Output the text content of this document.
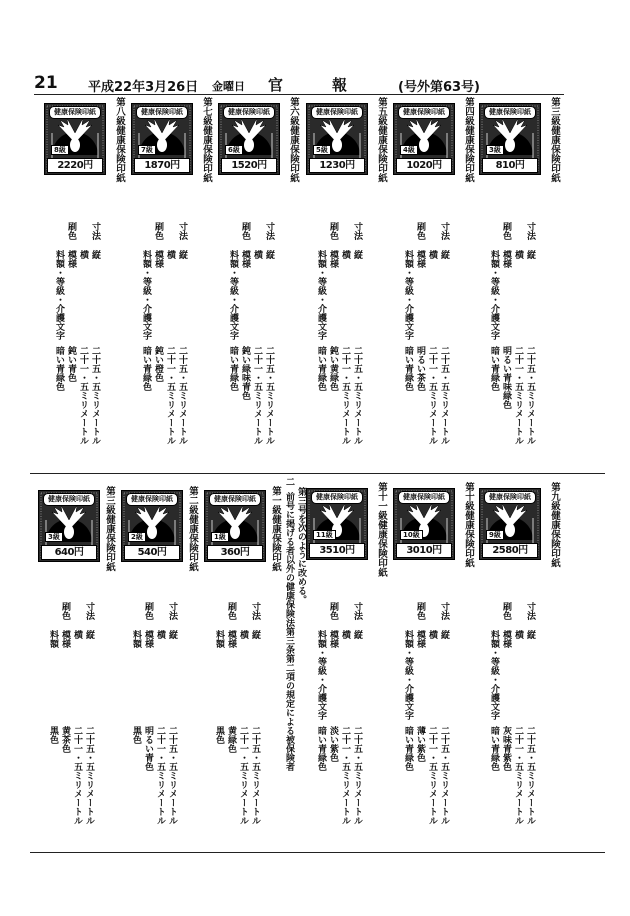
21 平成22年3月26日 金曜日 官	報	(号外第63号)
第三号を次のように改める。
二
前号に掲げる者以外の健康保険法第三条第二項の規定による被保険者
健康保険印紙
8級
2220円	第八級健康保険印紙
寸法
縦
二十五・五ミリメートル
横
二十一・五ミリメートル
刷色
模様
鈍い青色
料額・等級・介護文字
暗い青緑色
健康保険印紙
7級
1870円	第七級健康保険印紙
寸法
縦
二十五・五ミリメートル
横
二十一・五ミリメートル
刷色
模様
鈍い橙色
料額・等級・介護文字
暗い青緑色
健康保険印紙
6級
1520円	第六級健康保険印紙
寸法
縦
二十五・五ミリメートル
横
二十一・五ミリメートル
刷色
模様
鈍い緑味青色
料額・等級・介護文字
暗い青緑色
健康保険印紙
5級
1230円	第五級健康保険印紙
寸法
縦
二十五・五ミリメートル
横
二十一・五ミリメートル
刷色
模様
鈍い黄緑色
料額・等級・介護文字
暗い青緑色
健康保険印紙
4級
1020円	第四級健康保険印紙
寸法
縦
二十五・五ミリメートル
横
二十一・五ミリメートル
刷色
模様
明るい茶色
料額・等級・介護文字
暗い青緑色
健康保険印紙
3級
810円	第三級健康保険印紙
寸法
縦
二十五・五ミリメートル
横
二十一・五ミリメートル
刷色
模様
明るい青味緑色
料額・等級・介護文字
暗い青緑色
健康保険印紙
9級
2580円	第九級健康保険印紙
寸法
縦
二十五・五ミリメートル
横
二十一・五ミリメートル
刷色
模様
灰味青紫色
料額・等級・介護文字
暗い青緑色
健康保険印紙
10級
3010円	第十級健康保険印紙
寸法
縦
二十五・五ミリメートル
横
二十一・五ミリメートル
刷色
模様
薄い紫色
料額・等級・介護文字
暗い青緑色
健康保険印紙
11級
3510円	第十一級健康保険印紙
寸法
縦
二十五・五ミリメートル
横
二十一・五ミリメートル
刷色
模様
淡い紫色
料額・等級・介護文字
暗い青緑色
健康保険印紙
1級
360円	第一級健康保険印紙
寸法
縦
二十五・五ミリメートル
横
二十一・五ミリメートル
刷色
模様
黄緑色
料額
黒色
健康保険印紙
2級
540円	第二級健康保険印紙
寸法
縦
二十五・五ミリメートル
横
二十一・五ミリメートル
刷色
模様
明るい青色
料額
黒色
健康保険印紙
3級
640円	第三級健康保険印紙
寸法
縦
二十五・五ミリメートル
横
二十一・五ミリメートル
刷色
模様
黄茶色
料額
黒色
